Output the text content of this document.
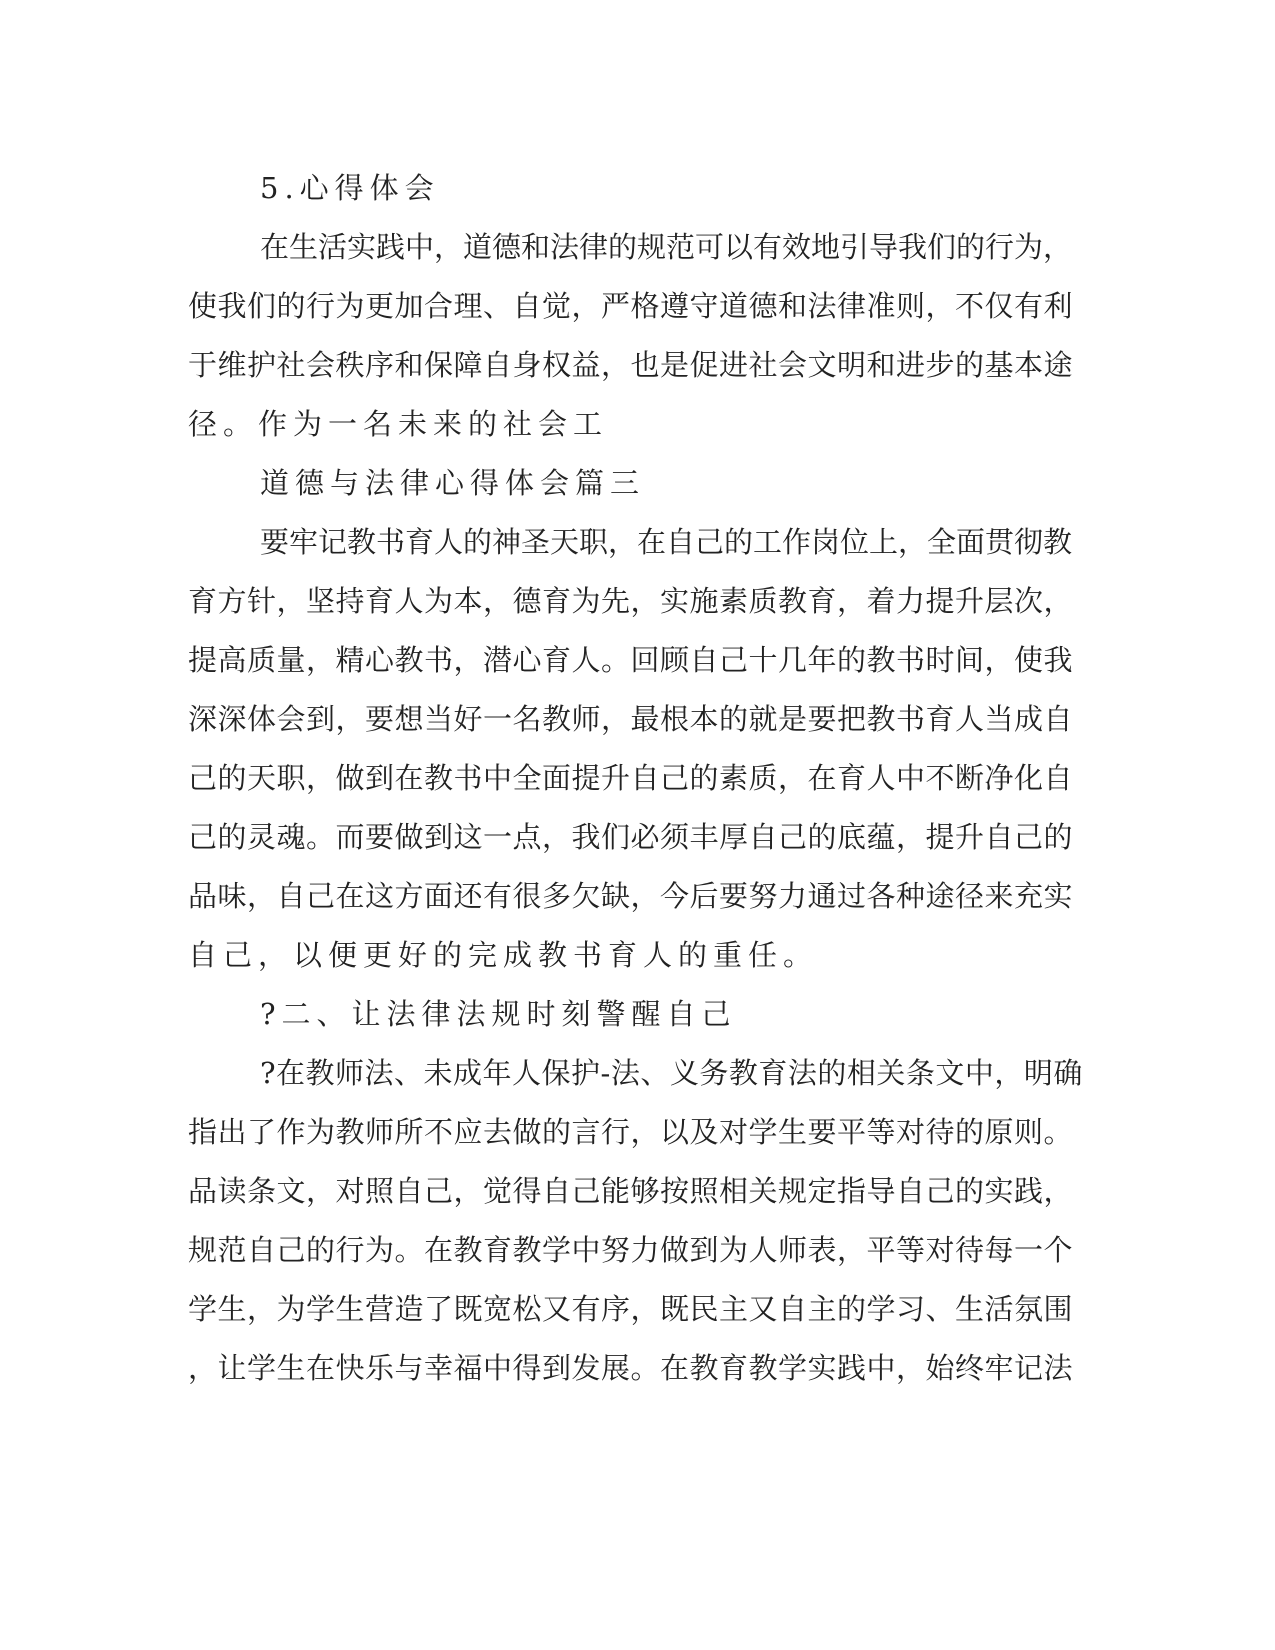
5.心得体会

在生活实践中，道德和法律的规范可以有效地引导我们的行为，

使我们的行为更加合理、自觉，严格遵守道德和法律准则，不仅有利

于维护社会秩序和保障自身权益，也是促进社会文明和进步的基本途

径。作为一名未来的社会工

道德与法律心得体会篇三

要牢记教书育人的神圣天职，在自己的工作岗位上，全面贯彻教

育方针，坚持育人为本，德育为先，实施素质教育，着力提升层次，

提高质量，精心教书，潜心育人。回顾自己十几年的教书时间，使我

深深体会到，要想当好一名教师，最根本的就是要把教书育人当成自

己的天职，做到在教书中全面提升自己的素质，在育人中不断净化自

己的灵魂。而要做到这一点，我们必须丰厚自己的底蕴，提升自己的

品味，自己在这方面还有很多欠缺，今后要努力通过各种途径来充实

自己，以便更好的完成教书育人的重任。

?二、让法律法规时刻警醒自己

?在教师法、未成年人保护-法、义务教育法的相关条文中，明确

指出了作为教师所不应去做的言行，以及对学生要平等对待的原则。

品读条文，对照自己，觉得自己能够按照相关规定指导自己的实践，

规范自己的行为。在教育教学中努力做到为人师表，平等对待每一个

学生，为学生营造了既宽松又有序，既民主又自主的学习、生活氛围

，让学生在快乐与幸福中得到发展。在教育教学实践中，始终牢记法
